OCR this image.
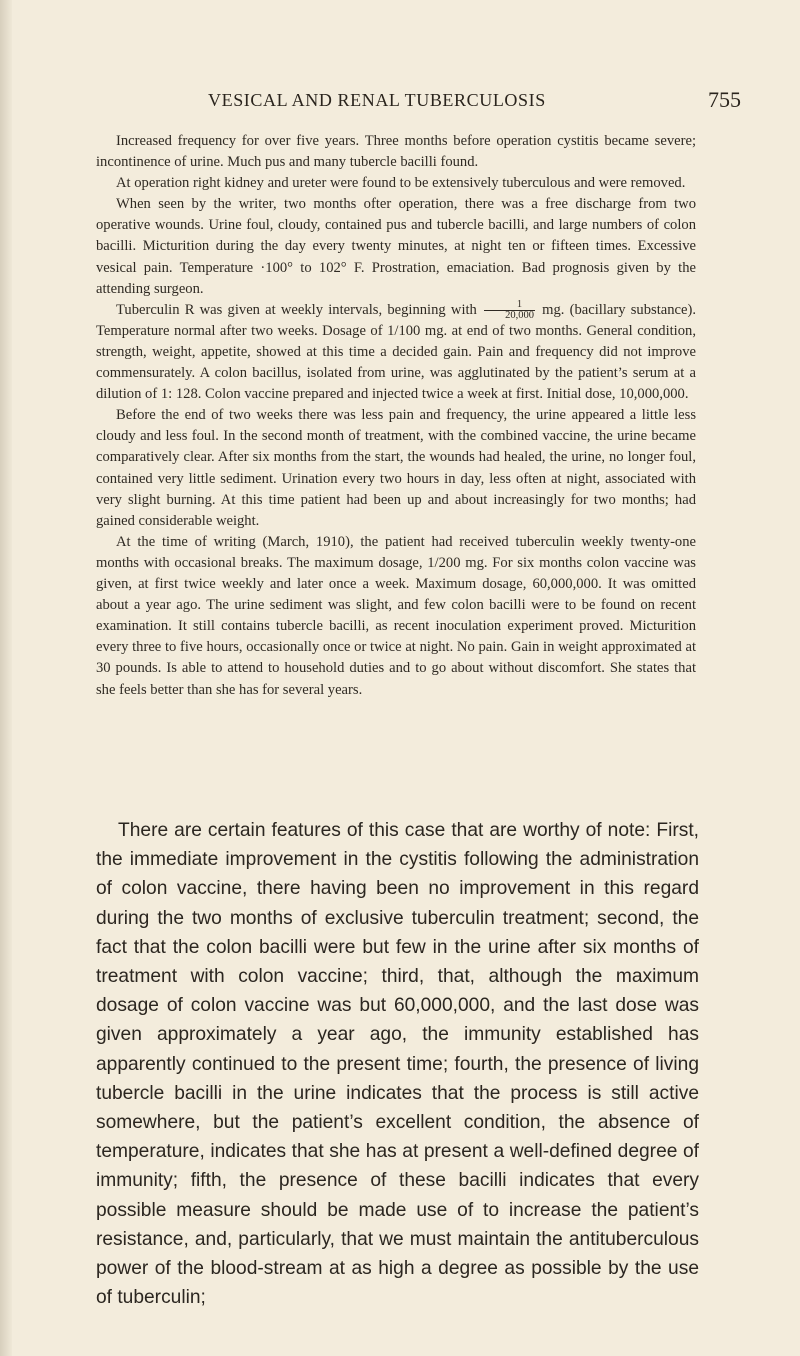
VESICAL AND RENAL TUBERCULOSIS	755

Increased frequency for over five years. Three months before operation cystitis became severe; incontinence of urine. Much pus and many tubercle bacilli found.

At operation right kidney and ureter were found to be extensively tuberculous and were removed.

When seen by the writer, two months ofter operation, there was a free discharge from two operative wounds. Urine foul, cloudy, contained pus and tubercle bacilli, and large numbers of colon bacilli. Micturition during the day every twenty minutes, at night ten or fifteen times. Excessive vesical pain. Temperature ·100° to 102° F. Prostration, emaciation. Bad prognosis given by the attending surgeon.

Tuberculin R was given at weekly intervals, beginning with $\frac{1}{20,000}$ mg. (bacillary substance). Temperature normal after two weeks. Dosage of 1/100 mg. at end of two months. General condition, strength, weight, appetite, showed at this time a decided gain. Pain and frequency did not improve commensurately. A colon bacillus, isolated from urine, was agglutinated by the patient’s serum at a dilution of 1: 128. Colon vaccine prepared and injected twice a week at first. Initial dose, 10,000,000.

Before the end of two weeks there was less pain and frequency, the urine appeared a little less cloudy and less foul. In the second month of treatment, with the combined vaccine, the urine became comparatively clear. After six months from the start, the wounds had healed, the urine, no longer foul, contained very little sediment. Urination every two hours in day, less often at night, associated with very slight burning. At this time patient had been up and about increasingly for two months; had gained considerable weight.

At the time of writing (March, 1910), the patient had received tuberculin weekly twenty-one months with occasional breaks. The maximum dosage, 1/200 mg. For six months colon vaccine was given, at first twice weekly and later once a week. Maximum dosage, 60,000,000. It was omitted about a year ago. The urine sediment was slight, and few colon bacilli were to be found on recent examination. It still contains tubercle bacilli, as recent inoculation experiment proved. Micturition every three to five hours, occasionally once or twice at night. No pain. Gain in weight approximated at 30 pounds. Is able to attend to household duties and to go about without discomfort. She states that she feels better than she has for several years.

There are certain features of this case that are worthy of note: First, the immediate improvement in the cystitis following the administration of colon vaccine, there having been no improvement in this regard during the two months of exclusive tuberculin treatment; second, the fact that the colon bacilli were but few in the urine after six months of treatment with colon vaccine; third, that, although the maximum dosage of colon vaccine was but 60,000,000, and the last dose was given approximately a year ago, the immunity established has apparently continued to the present time; fourth, the presence of living tubercle bacilli in the urine indicates that the process is still active somewhere, but the patient’s excellent condition, the absence of temperature, indicates that she has at present a well-defined degree of immunity; fifth, the presence of these bacilli indicates that every possible measure should be made use of to increase the patient’s resistance, and, particularly, that we must maintain the antituberculous power of the blood-stream at as high a degree as possible by the use of tuberculin;
